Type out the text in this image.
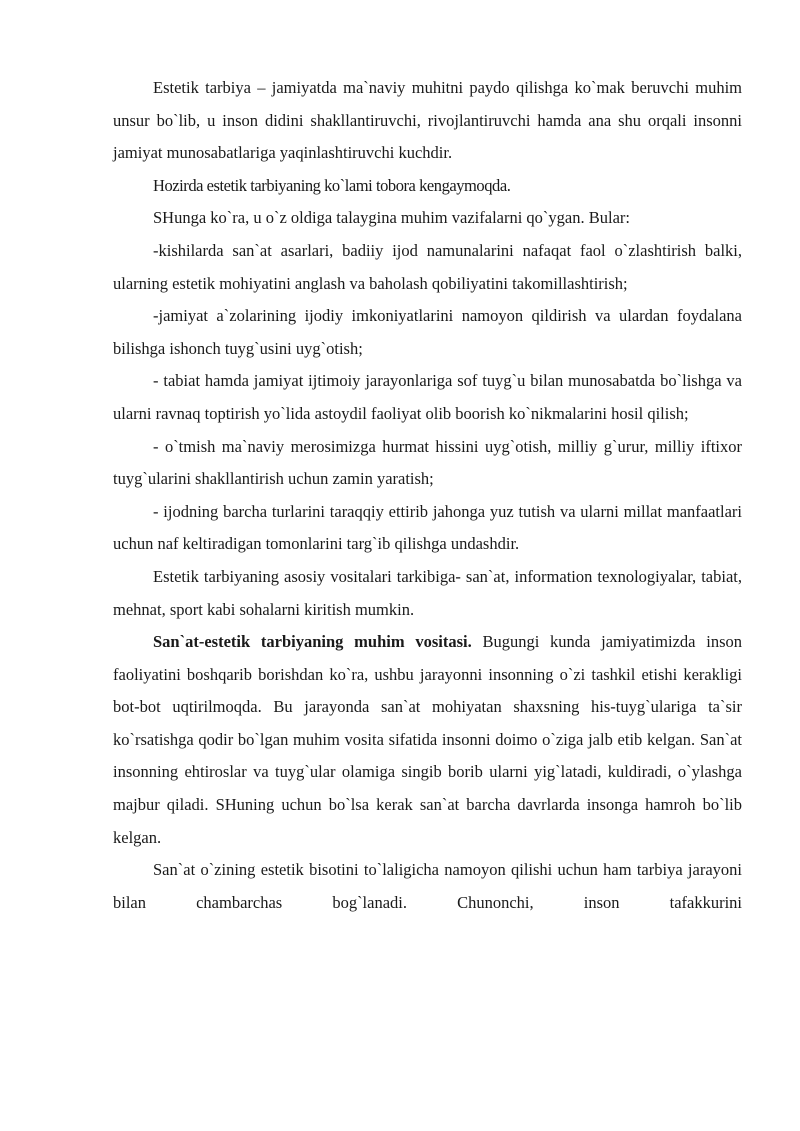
Estetik tarbiya – jamiyatda ma`naviy muhitni paydo qilishga ko`mak beruvchi muhim unsur bo`lib, u inson didini shakllantiruvchi, rivojlantiruvchi hamda ana shu orqali insonni jamiyat munosabatlariga yaqinlashtiruvchi kuchdir.

Hozirda estetik tarbiyaning ko`lami tobora kengaymoqda.

SHunga ko`ra, u o`z oldiga talaygina muhim vazifalarni qo`ygan. Bular:

-kishilarda san`at asarlari, badiiy ijod namunalarini nafaqat faol o`zlashtirish balki, ularning estetik mohiyatini anglash va baholash qobiliyatini takomillashtirish;

-jamiyat a`zolarining ijodiy imkoniyatlarini namoyon qildirish va ulardan foydalana bilishga ishonch tuyg`usini uyg`otish;

- tabiat hamda jamiyat ijtimoiy jarayonlariga sof tuyg`u bilan munosabatda bo`lishga va ularni ravnaq toptirish yo`lida astoydil faoliyat olib boorish ko`nikmalarini hosil qilish;

- o`tmish ma`naviy merosimizga hurmat hissini uyg`otish, milliy g`urur, milliy iftixor tuyg`ularini shakllantirish uchun zamin yaratish;

- ijodning barcha turlarini taraqqiy ettirib jahonga yuz tutish va ularni millat manfaatlari uchun naf keltiradigan tomonlarini targ`ib qilishga undashdir.

Estetik tarbiyaning asosiy vositalari tarkibiga- san`at, information texnologiyalar, tabiat, mehnat, sport kabi sohalarni kiritish mumkin.

San`at-estetik tarbiyaning muhim vositasi. Bugungi kunda jamiyatimizda inson faoliyatini boshqarib borishdan ko`ra, ushbu jarayonni insonning o`zi tashkil etishi kerakligi bot-bot uqtirilmoqda. Bu jarayonda san`at mohiyatan shaxsning his-tuyg`ulariga ta`sir ko`rsatishga qodir bo`lgan muhim vosita sifatida insonni doimo o`ziga jalb etib kelgan. San`at insonning ehtiroslar va tuyg`ular olamiga singib borib ularni yig`latadi, kuldiradi, o`ylashga majbur qiladi. SHuning uchun bo`lsa kerak san`at barcha davrlarda insonga hamroh bo`lib kelgan.

San`at o`zining estetik bisotini to`laligicha namoyon qilishi uchun ham tarbiya jarayoni bilan chambarchas bog`lanadi. Chunonchi, inson tafakkurini
